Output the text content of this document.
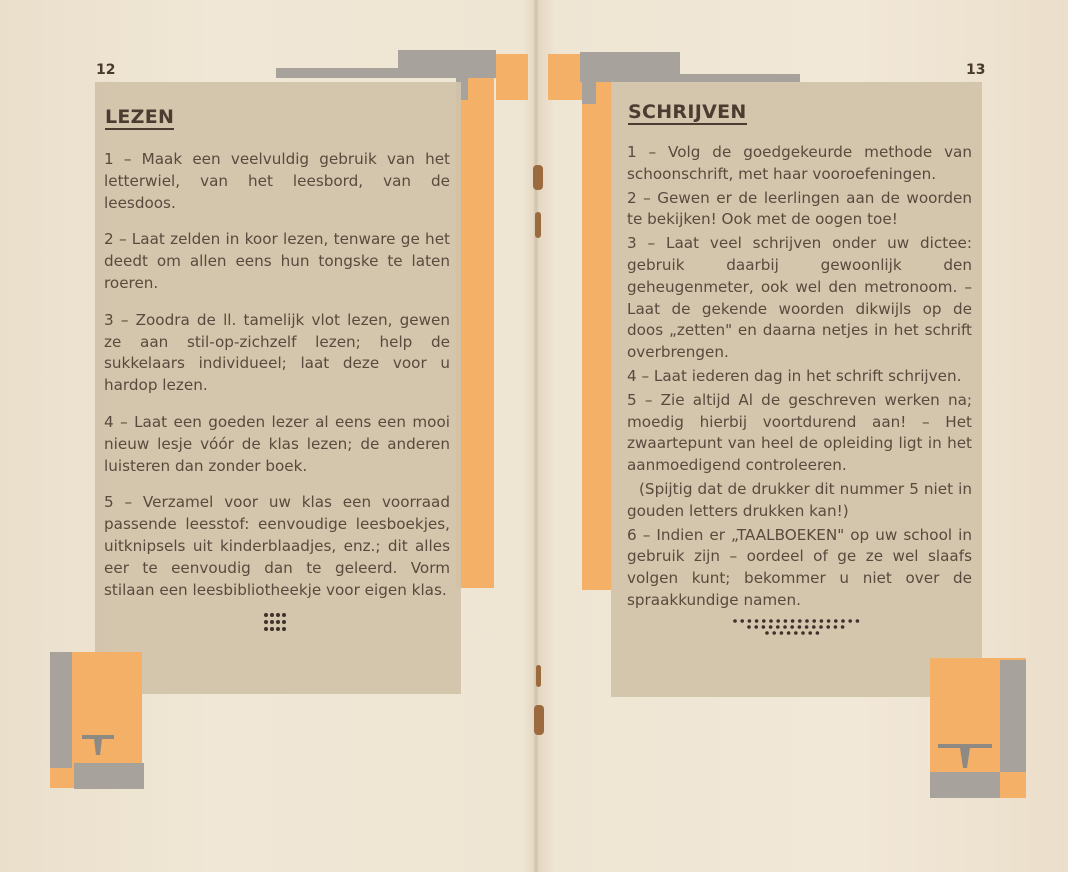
12
LEZEN

1 – Maak een veelvuldig gebruik van het letterwiel, van het leesbord, van de leesdoos.

2 – Laat zelden in koor lezen, tenware ge het deedt om allen eens hun tongske te laten roeren.

3 – Zoodra de ll. tamelijk vlot lezen, gewen ze aan stil-op-zichzelf lezen; help de sukkelaars individueel; laat deze voor u hardop lezen.

4 – Laat een goeden lezer al eens een mooi nieuw lesje vóór de klas lezen; de anderen luisteren dan zonder boek.

5 – Verzamel voor uw klas een voorraad passende leesstof: eenvoudige leesboekjes, uitknipsels uit kinderblaadjes, enz.; dit alles eer te eenvoudig dan te geleerd. Vorm stilaan een leesbibliotheekje voor eigen klas.

13
SCHRIJVEN

1 – Volg de goedgekeurde methode van schoonschrift, met haar vooroefeningen.

2 – Gewen er de leerlingen aan de woorden te bekijken! Ook met de oogen toe!

3 – Laat veel schrijven onder uw dictee: gebruik daarbij gewoonlijk den geheugenmeter, ook wel den metronoom. – Laat de gekende woorden dikwijls op de doos „zetten" en daarna netjes in het schrift overbrengen.

4 – Laat iederen dag in het schrift schrijven.

5 – Zie altijd Al de geschreven werken na; moedig hierbij voortdurend aan! – Het zwaartepunt van heel de opleiding ligt in het aanmoedigend controleeren.

(Spijtig dat de drukker dit nummer 5 niet in gouden letters drukken kan!)

6 – Indien er „TAALBOEKEN" op uw school in gebruik zijn – oordeel of ge ze wel slaafs volgen kunt; bekommer u niet over de spraakkundige namen.
